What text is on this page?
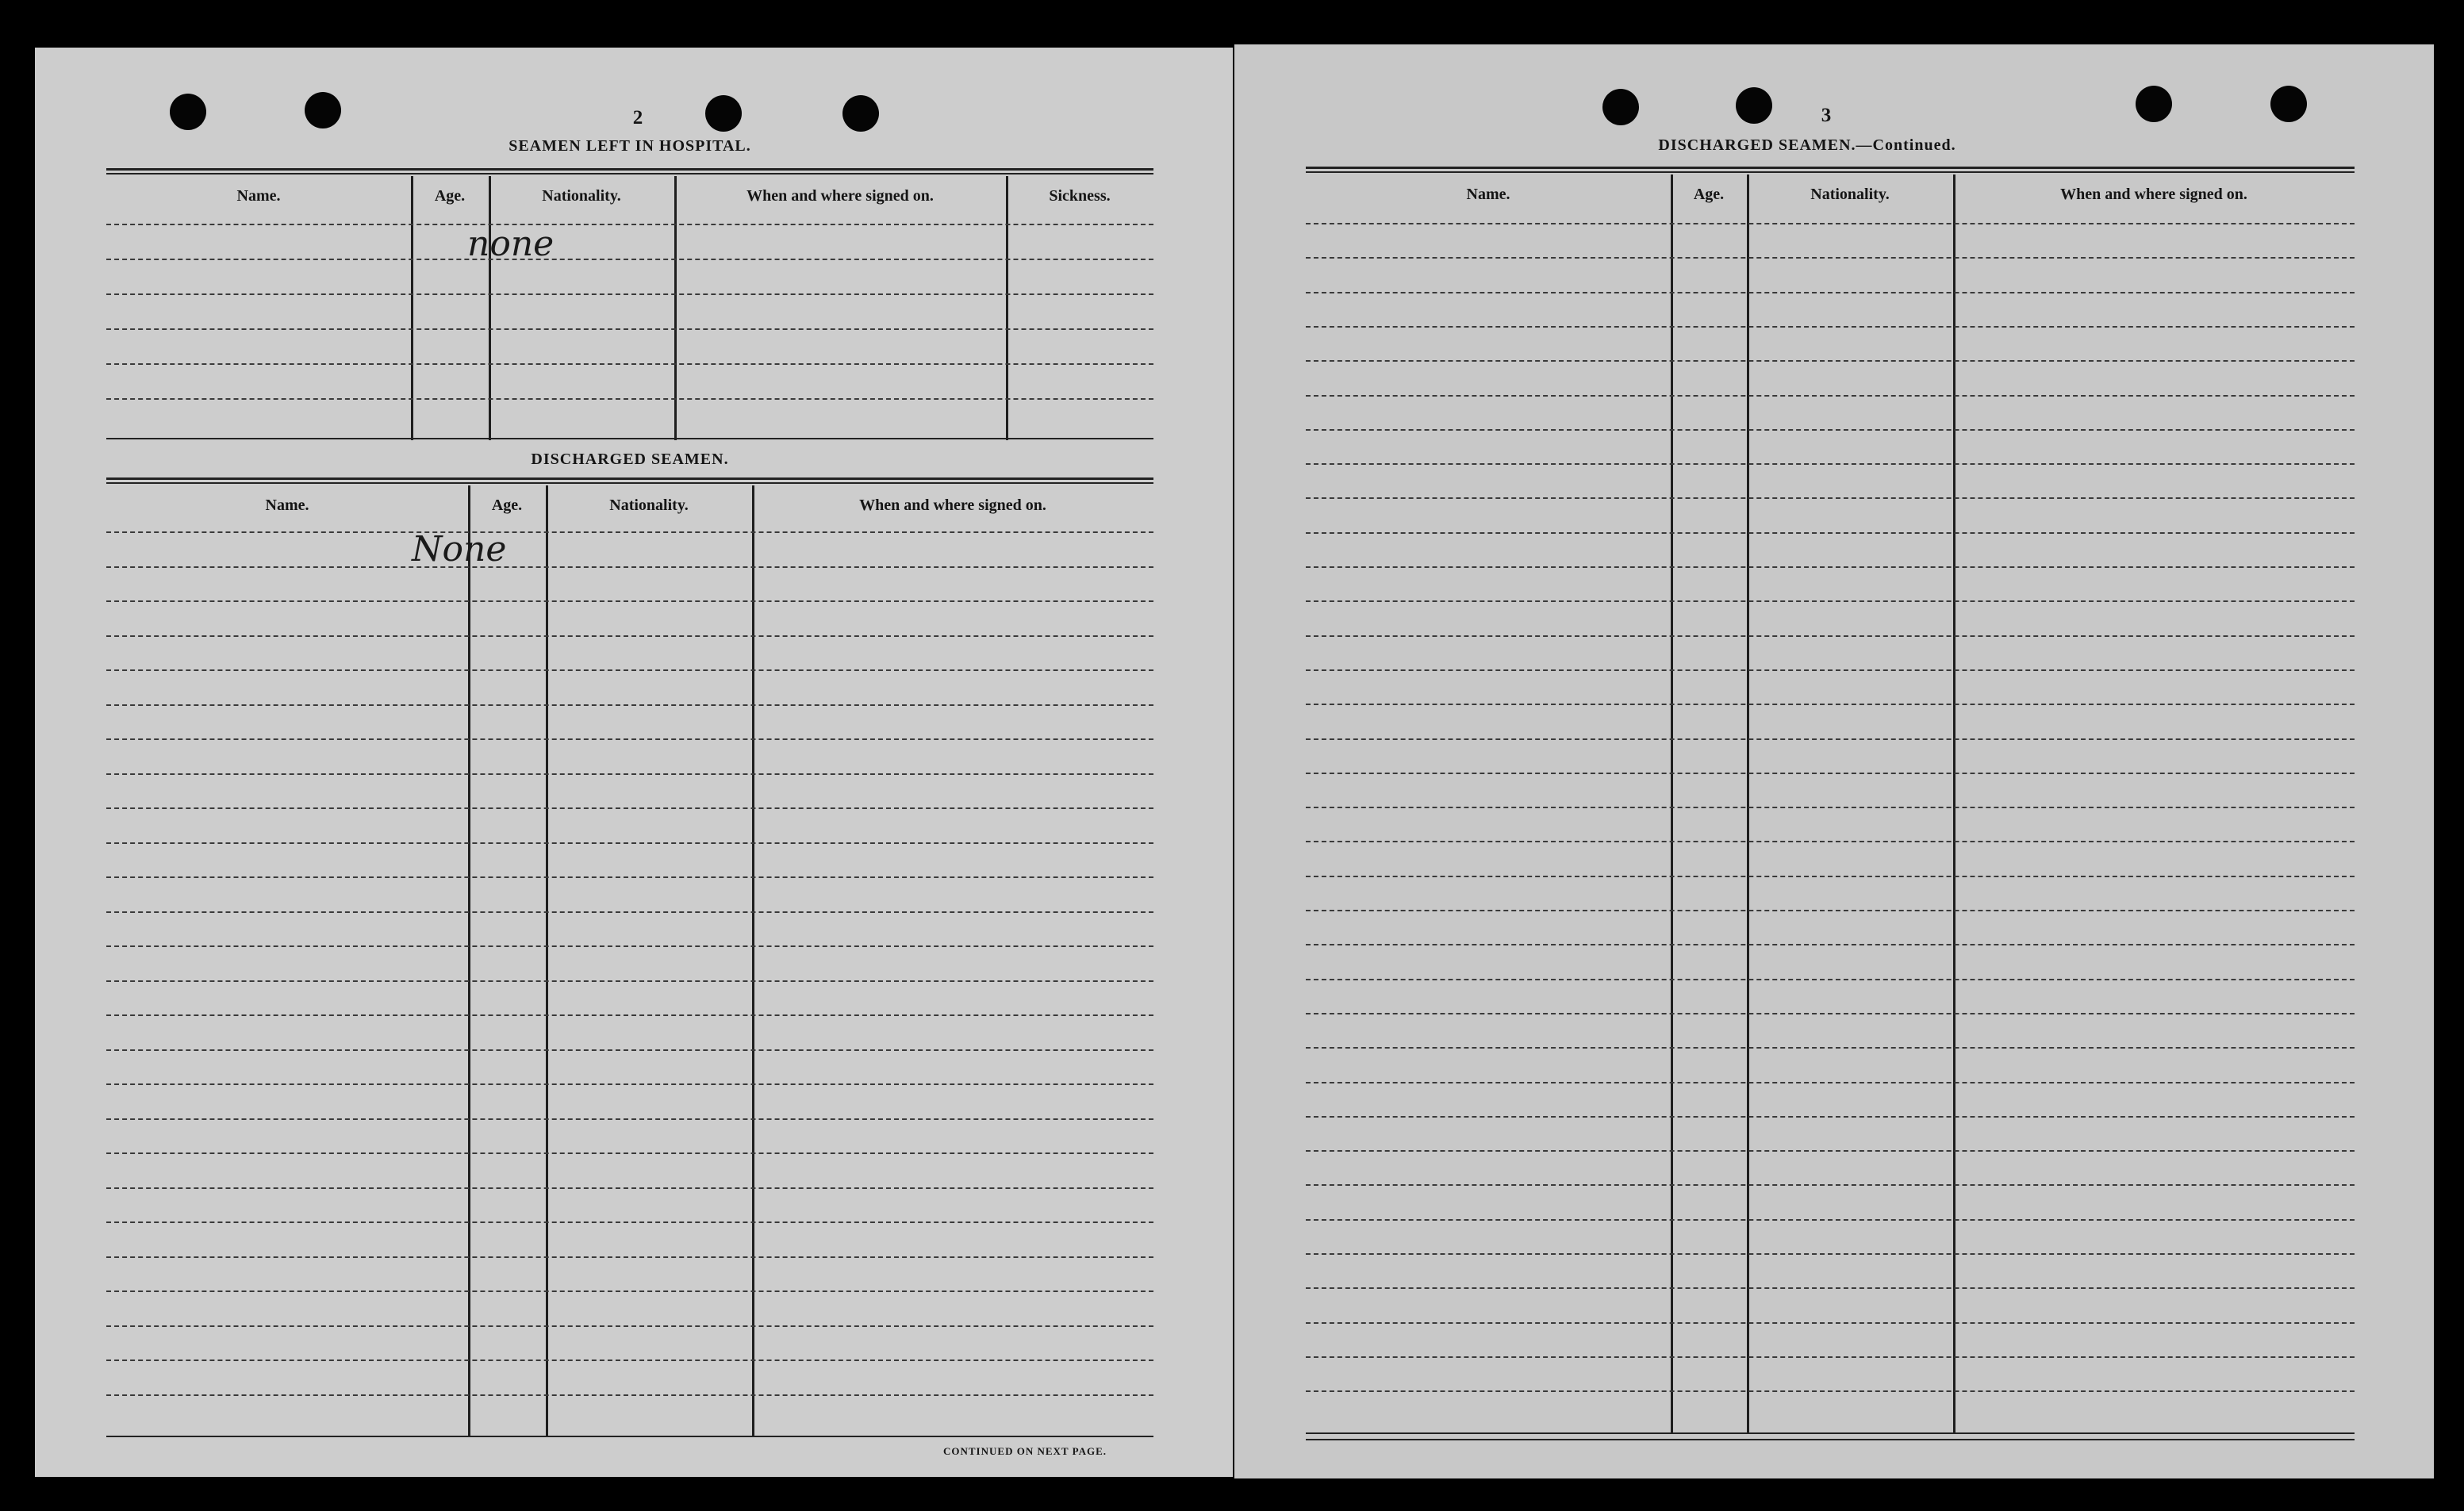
2
SEAMEN LEFT IN HOSPITAL.
Name.	Age.	Nationality.	When and where signed on.	Sickness.
none
DISCHARGED SEAMEN.
Name.	Age.	Nationality.	When and where signed on.
None
CONTINUED ON NEXT PAGE.
3
DISCHARGED SEAMEN.—Continued.
Name.	Age.	Nationality.	When and where signed on.
